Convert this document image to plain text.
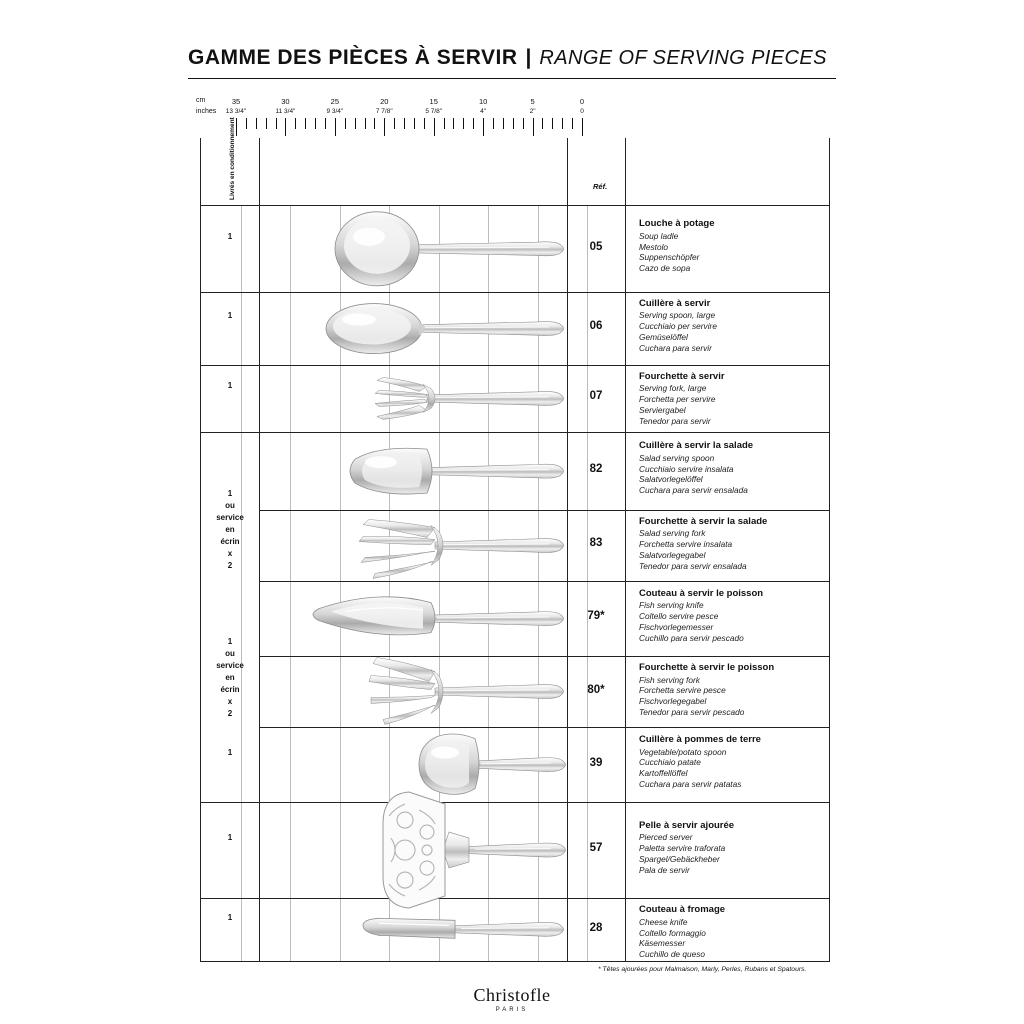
GAMME DES PIÈCES À SERVIR | RANGE OF SERVING PIECES
cm
inches
35
13 3/4"
30
11 3/4"
25
9 3/4"
20
7 7/8"
15
5 7/8"
10
4"
5
2"
0
0
Livrés en conditionnement	Réf.
1
05
Louche à potage
Soup ladle
Mestolo
Suppenschöpfer
Cazo de sopa
1
06
Cuillère à servir
Serving spoon, large
Cucchiaio per servire
Gemüselöffel
Cuchara para servir
1
07
Fourchette à servir
Serving fork, large
Forchetta per servire
Serviergabel
Tenedor para servir
1
ou
service
en
écrin
x
2
82
Cuillère à servir la salade
Salad serving spoon
Cucchiaio servire insalata
Salatvorlegelöffel
Cuchara para servir ensalada
83
Fourchette à servir la salade
Salad serving fork
Forchetta servire insalata
Salatvorlegegabel
Tenedor para servir ensalada
1
ou
service
en
écrin
x
2
79*
Couteau à servir le poisson
Fish serving knife
Coltello servire pesce
Fischvorlegemesser
Cuchillo para servir pescado
80*
Fourchette à servir le poisson
Fish serving fork
Forchetta servire pesce
Fischvorlegegabel
Tenedor para servir pescado
1
39
Cuillère à pommes de terre
Vegetable/potato spoon
Cucchiaio patate
Kartoffellöffel
Cuchara para servir patatas
1
57
Pelle à servir ajourée
Pierced server
Paletta servire traforata
Spargel/Gebäckheber
Pala de servir
1
28
Couteau à fromage
Cheese knife
Coltello formaggio
Käsemesser
Cuchillo de queso
* Têtes ajourées pour Malmaison, Marly, Perles, Rubans et Spatours.
Christofle
PARIS
